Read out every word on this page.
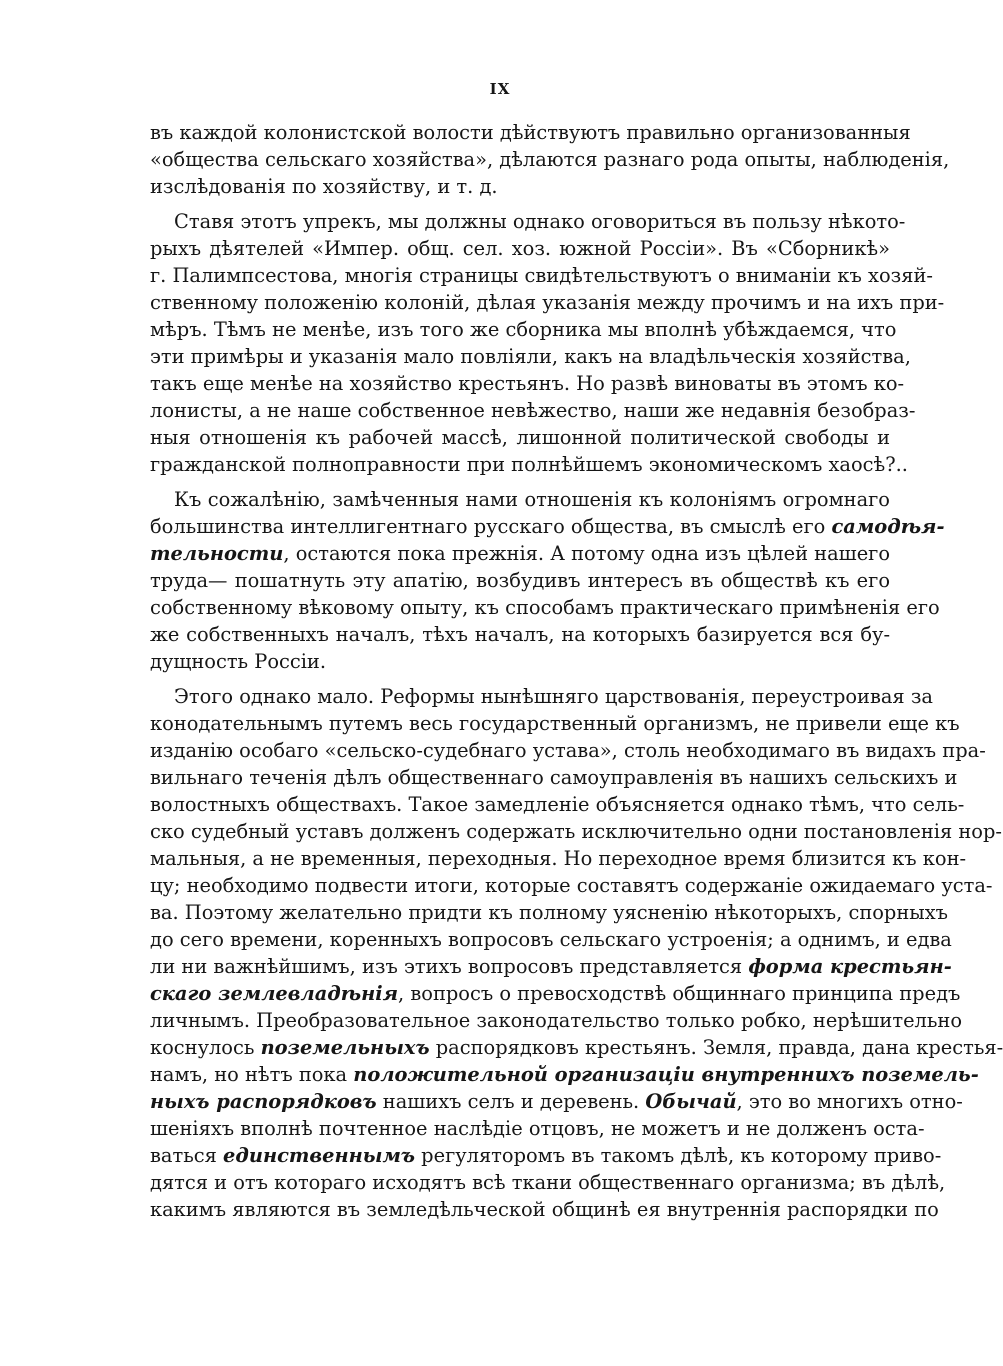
IX
въ каждой колонистской волости дѣйствуютъ правильно организованныя
«общества сельскаго хозяйства», дѣлаются разнаго рода опыты, наблюденія,
изслѣдованія по хозяйству, и т. д.
Ставя этотъ упрекъ, мы должны однако оговориться въ пользу нѣкото-
рыхъ дѣятелей «Импер. общ. сел. хоз. южной Россіи». Въ «Сборникѣ»
г. Палимпсестова, многія страницы свидѣтельствуютъ о вниманіи къ хозяй-
ственному положенію колоній, дѣлая указанія между прочимъ и на ихъ при-
мѣръ. Тѣмъ не менѣе, изъ того же сборника мы вполнѣ убѣждаемся, что
эти примѣры и указанія мало повліяли, какъ на владѣльческія хозяйства,
такъ еще менѣе на хозяйство крестьянъ. Но развѣ виноваты въ этомъ ко-
лонисты, а не наше собственное невѣжество, наши же недавнія безобраз-
ныя отношенія къ рабочей массѣ, лишонной политической свободы и
гражданской полноправности при полнѣйшемъ экономическомъ хаосѣ?..
Къ сожалѣнію, замѣченныя нами отношенія къ колоніямъ огромнаго
большинства интеллигентнаго русскаго общества, въ смыслѣ его самодѣя-
тельности, остаются пока прежнія. А потому одна изъ цѣлей нашего
труда— пошатнуть эту апатію, возбудивъ интересъ въ обществѣ къ его
собственному вѣковому опыту, къ способамъ практическаго примѣненія его
же собственныхъ началъ, тѣхъ началъ, на которыхъ базируется вся бу-
дущность Россіи.
Этого однако мало. Реформы нынѣшняго царствованія, переустроивая за
конодательнымъ путемъ весь государственный организмъ, не привели еще къ
изданію особаго «сельско-судебнаго устава», столь необходимаго въ видахъ пра-
вильнаго теченія дѣлъ общественнаго самоуправленія въ нашихъ сельскихъ и
волостныхъ обществахъ. Такое замедленіе объясняется однако тѣмъ, что сель-
ско судебный уставъ долженъ содержать исключительно одни постановленія нор-
мальныя, а не временныя, переходныя. Но переходное время близится къ кон-
цу; необходимо подвести итоги, которые составятъ содержаніе ожидаемаго уста-
ва. Поэтому желательно придти къ полному уясненію нѣкоторыхъ, спорныхъ
до сего времени, коренныхъ вопросовъ сельскаго устроенія; а однимъ, и едва
ли ни важнѣйшимъ, изъ этихъ вопросовъ представляется форма крестьян-
скаго землевладѣнія, вопросъ о превосходствѣ общиннаго принципа предъ
личнымъ. Преобразовательное законодательство только робко, нерѣшительно
коснулось поземельныхъ распорядковъ крестьянъ. Земля, правда, дана крестья-
намъ, но нѣтъ пока положительной организаціи внутреннихъ поземель-
ныхъ распорядковъ нашихъ селъ и деревень. Обычай, это во многихъ отно-
шеніяхъ вполнѣ почтенное наслѣдіе отцовъ, не можетъ и не долженъ оста-
ваться единственнымъ регуляторомъ въ такомъ дѣлѣ, къ которому приво-
дятся и отъ котораго исходятъ всѣ ткани общественнаго организма; въ дѣлѣ,
какимъ являются въ земледѣльческой общинѣ ея внутреннія распорядки по
